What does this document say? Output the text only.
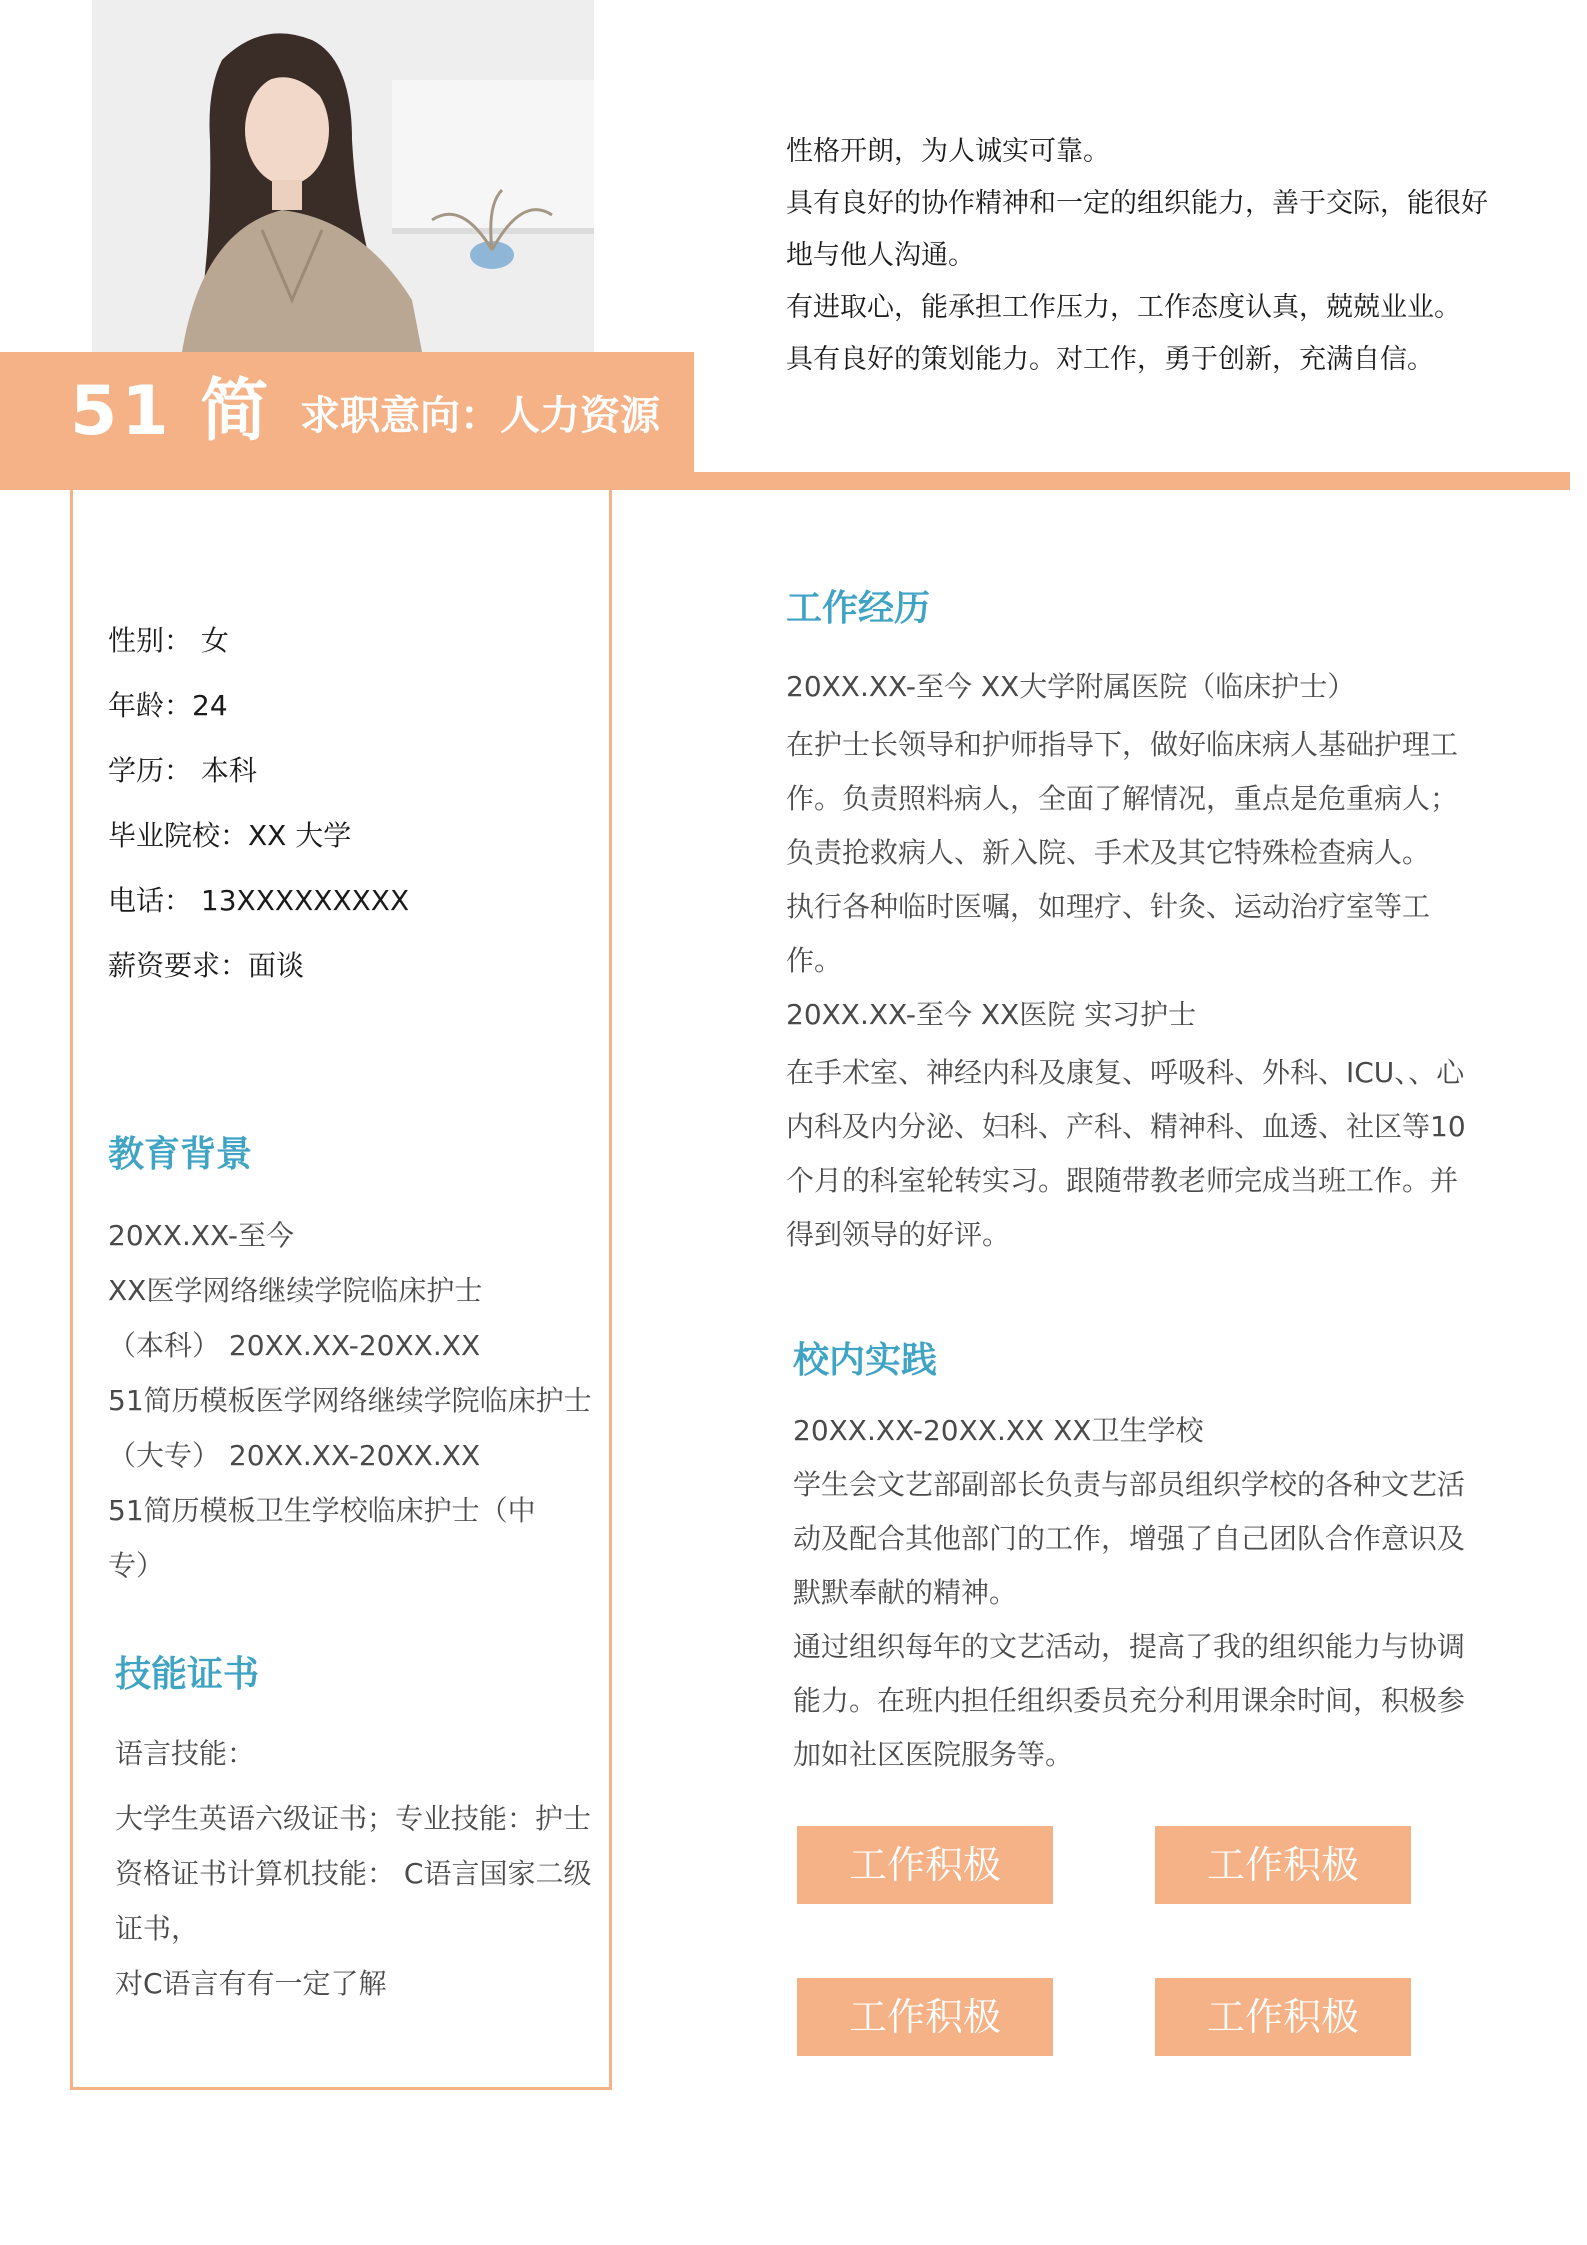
51 简 求职意向：人力资源

性格开朗，为人诚实可靠。

具有良好的协作精神和一定的组织能力，善于交际，能很好地与他人沟通。

有进取心，能承担工作压力，工作态度认真，兢兢业业。

具有良好的策划能力。对工作，勇于创新，充满自信。

性别： 女
年龄：24
学历： 本科
毕业院校：XX 大学
电话： 13XXXXXXXXX
薪资要求：面谈
教育背景
20XX.XX-至今
XX医学网络继续学院临床护士
（本科） 20XX.XX-20XX.XX
51简历模板医学网络继续学院临床护士
（大专） 20XX.XX-20XX.XX
51简历模板卫生学校临床护士（中
专）
技能证书

语言技能：

大学生英语六级证书；专业技能：护士资格证书计算机技能： C语言国家二级证书，

对C语言有有一定了解

工作经历

20XX.XX-至今 XX大学附属医院（临床护士）

在护士长领导和护师指导下，做好临床病人基础护理工作。负责照料病人，全面了解情况，重点是危重病人；负责抢救病人、新入院、手术及其它特殊检查病人。 执行各种临时医嘱，如理疗、针灸、运动治疗室等工作。

20XX.XX-至今 XX医院 实习护士

在手术室、神经内科及康复、呼吸科、外科、ICU、、心内科及内分泌、妇科、产科、精神科、血透、社区等10个月的科室轮转实习。跟随带教老师完成当班工作。并得到领导的好评。

校内实践

20XX.XX-20XX.XX XX卫生学校

学生会文艺部副部长负责与部员组织学校的各种文艺活动及配合其他部门的工作，增强了自己团队合作意识及默默奉献的精神。

通过组织每年的文艺活动，提高了我的组织能力与协调能力。在班内担任组织委员充分利用课余时间，积极参加如社区医院服务等。

工作积极	工作积极
工作积极	工作积极
